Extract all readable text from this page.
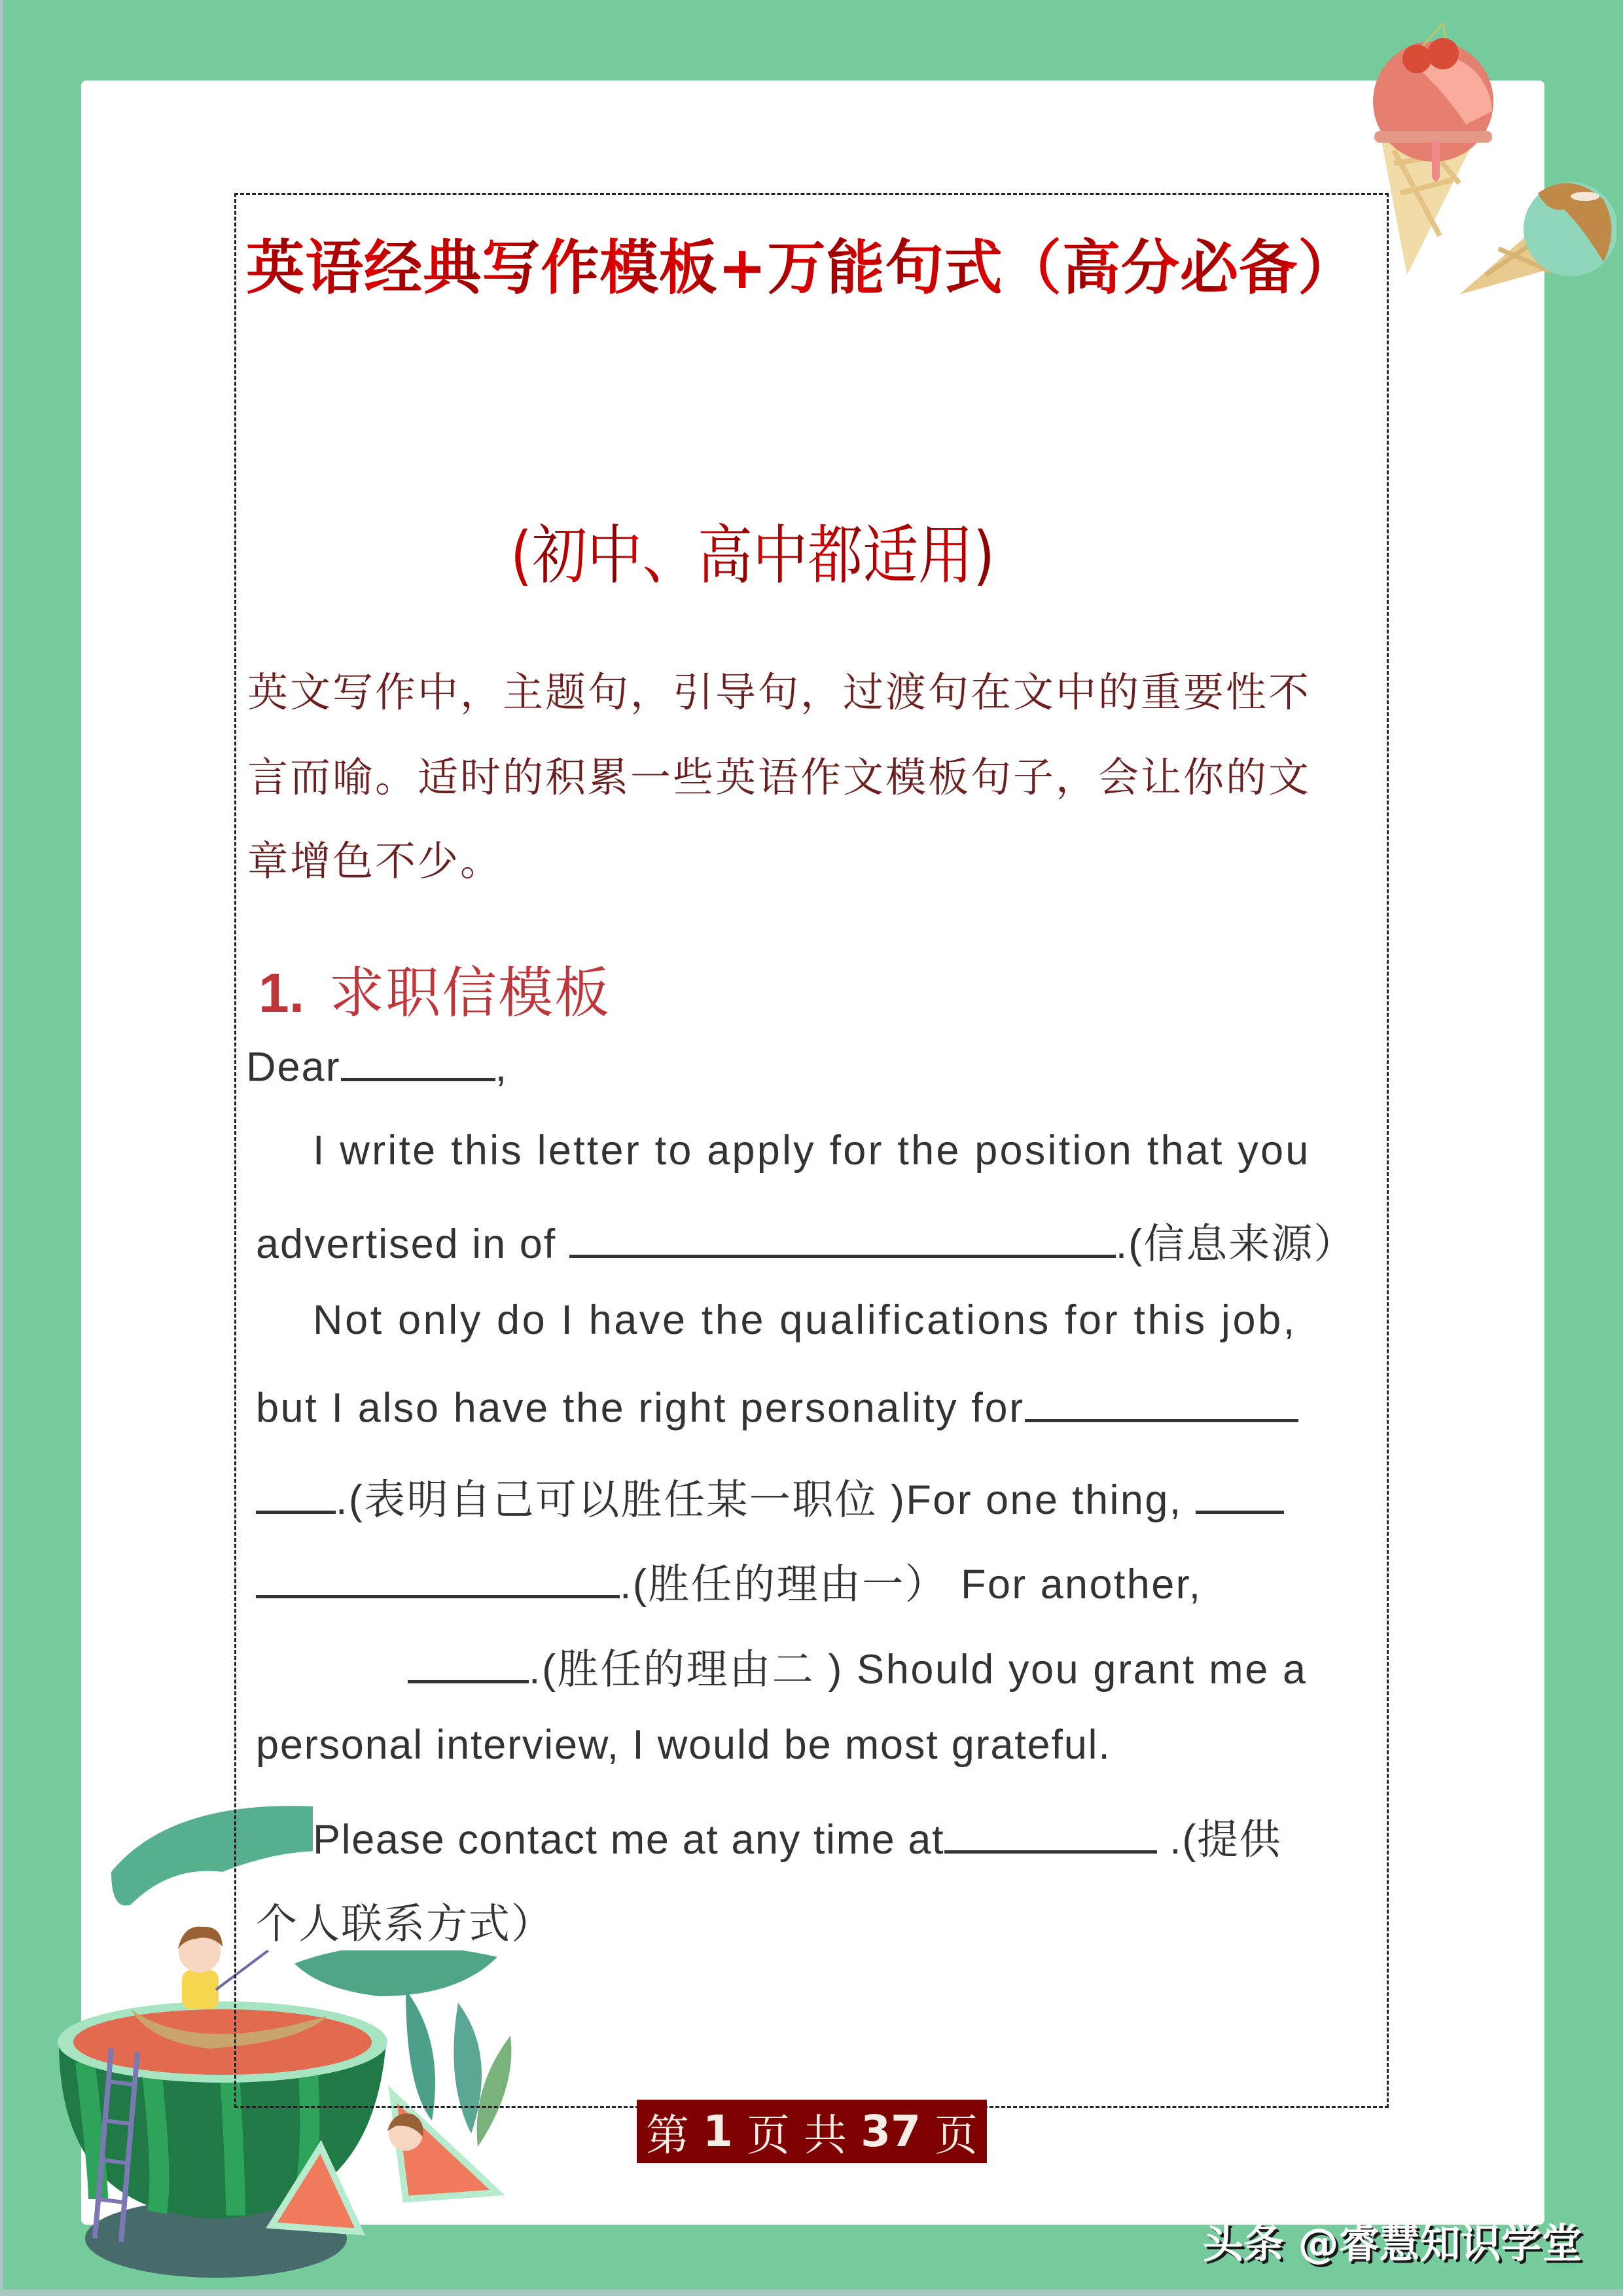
英语经典写作模板+万能句式（高分必备）
(初中、高中都适用)
英文写作中，主题句，引导句，过渡句在文中的重要性不
言而喻。适时的积累一些英语作文模板句子，会让你的文
章增色不少。
1. 求职信模板
Dear	,
I write this letter to apply for the position that you
advertised in of	.(信息来源）
Not only do I have the qualifications for this job,
but I also have the right personality for
.(表明自己可以胜任某一职位 )For one thing,
.(胜任的理由一） For another,
.(胜任的理由二 ) Should you grant me a
personal interview, I would be most grateful.
Please contact me at any time at	.(提供
个人联系方式）
第 1 页 共 37 页
头条 @睿慧知识学堂
